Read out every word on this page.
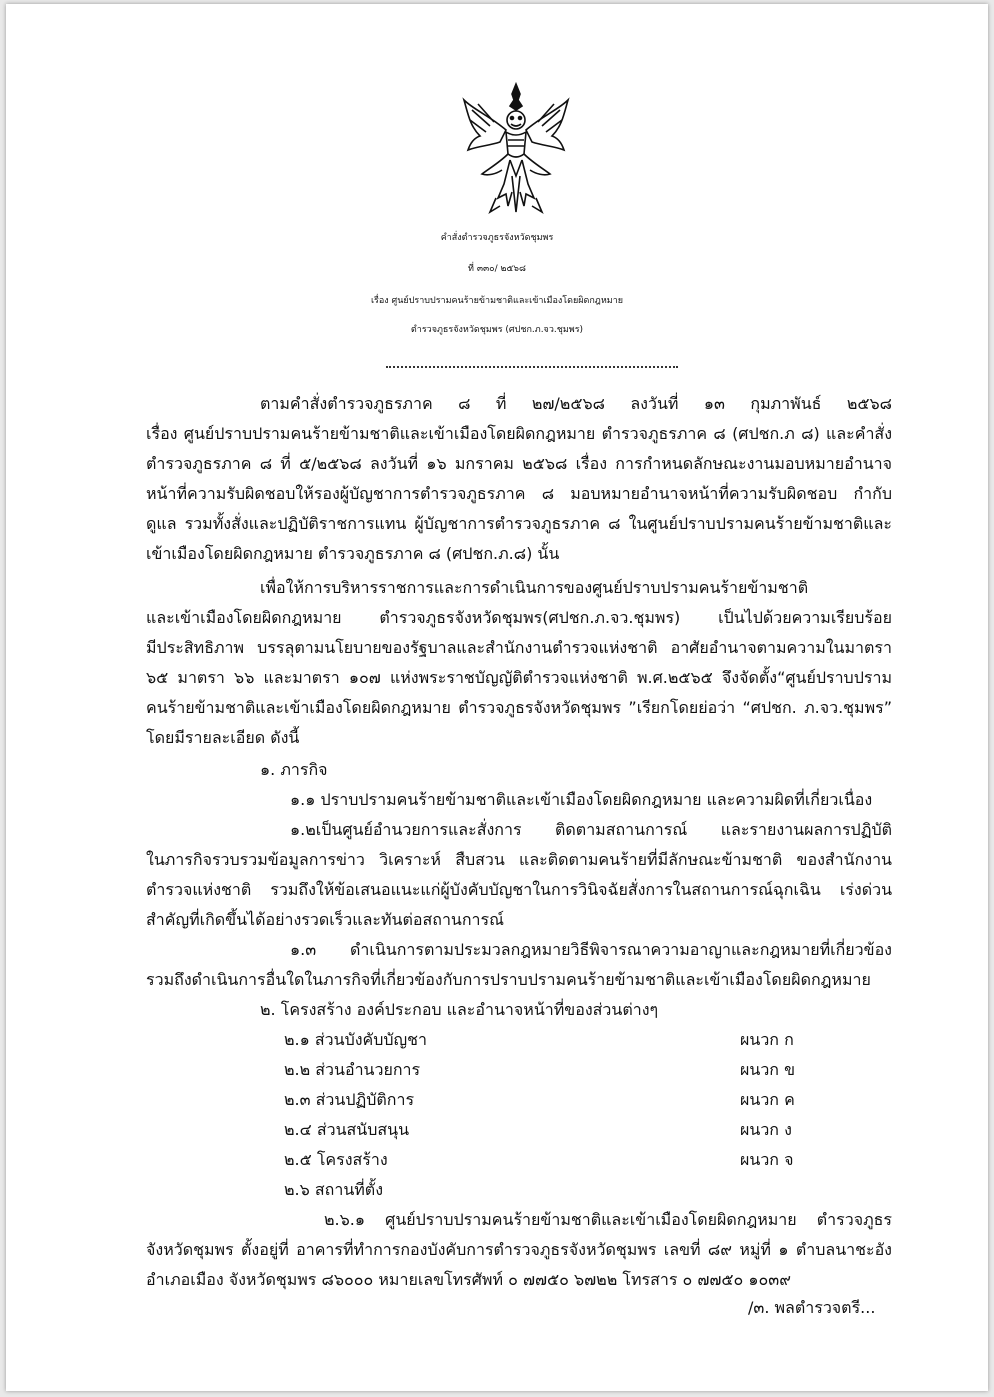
คำสั่งตำรวจภูธรจังหวัดชุมพร
ที่ ๓๓๐/ ๒๕๖๘
เรื่อง ศูนย์ปราบปรามคนร้ายข้ามชาติและเข้าเมืองโดยผิดกฎหมาย
ตำรวจภูธรจังหวัดชุมพร (ศปชก.ภ.จว.ชุมพร)
ตามคำสั่งตำรวจภูธรภาค ๘ ที่ ๒๗/๒๕๖๘ ลงวันที่ ๑๓ กุมภาพันธ์ ๒๕๖๘
เรื่อง ศูนย์ปราบปรามคนร้ายข้ามชาติและเข้าเมืองโดยผิดกฎหมาย ตำรวจภูธรภาค ๘ (ศปชก.ภ ๘) และคำสั่ง
ตำรวจภูธรภาค ๘ ที่ ๕/๒๕๖๘ ลงวันที่ ๑๖ มกราคม ๒๕๖๘ เรื่อง การกำหนดลักษณะงานมอบหมายอำนาจ
หน้าที่ความรับผิดชอบให้รองผู้บัญชาการตำรวจภูธรภาค ๘ มอบหมายอำนาจหน้าที่ความรับผิดชอบ กำกับ
ดูแล รวมทั้งสั่งและปฏิบัติราชการแทน ผู้บัญชาการตำรวจภูธรภาค ๘ ในศูนย์ปราบปรามคนร้ายข้ามชาติและ
เข้าเมืองโดยผิดกฎหมาย ตำรวจภูธรภาค ๘ (ศปชก.ภ.๘) นั้น
เพื่อให้การบริหารราชการและการดำเนินการของศูนย์ปราบปรามคนร้ายข้ามชาติ
และเข้าเมืองโดยผิดกฎหมาย ตำรวจภูธรจังหวัดชุมพร(ศปชก.ภ.จว.ชุมพร) เป็นไปด้วยความเรียบร้อย
มีประสิทธิภาพ บรรลุตามนโยบายของรัฐบาลและสำนักงานตำรวจแห่งชาติ อาศัยอำนาจตามความในมาตรา
๖๕ มาตรา ๖๖ และมาตรา ๑๐๗ แห่งพระราชบัญญัติตำรวจแห่งชาติ พ.ศ.๒๕๖๕ จึงจัดตั้ง“ศูนย์ปราบปราม
คนร้ายข้ามชาติและเข้าเมืองโดยผิดกฎหมาย ตำรวจภูธรจังหวัดชุมพร ”เรียกโดยย่อว่า “ศปชก. ภ.จว.ชุมพร”
โดยมีรายละเอียด ดังนี้
๑. ภารกิจ
๑.๑ ปราบปรามคนร้ายข้ามชาติและเข้าเมืองโดยผิดกฎหมาย และความผิดที่เกี่ยวเนื่อง
๑.๒เป็นศูนย์อำนวยการและสั่งการ ติดตามสถานการณ์ และรายงานผลการปฏิบัติ
ในภารกิจรวบรวมข้อมูลการข่าว วิเคราะห์ สืบสวน และติดตามคนร้ายที่มีลักษณะข้ามชาติ ของสำนักงาน
ตำรวจแห่งชาติ รวมถึงให้ข้อเสนอแนะแก่ผู้บังคับบัญชาในการวินิจฉัยสั่งการในสถานการณ์ฉุกเฉิน เร่งด่วน
สำคัญที่เกิดขึ้นได้อย่างรวดเร็วและทันต่อสถานการณ์
๑.๓ ดำเนินการตามประมวลกฎหมายวิธีพิจารณาความอาญาและกฎหมายที่เกี่ยวข้อง
รวมถึงดำเนินการอื่นใดในภารกิจที่เกี่ยวข้องกับการปราบปรามคนร้ายข้ามชาติและเข้าเมืองโดยผิดกฎหมาย
๒. โครงสร้าง องค์ประกอบ และอำนาจหน้าที่ของส่วนต่างๆ
๒.๑ ส่วนบังคับบัญชา	ผนวก ก
๒.๒ ส่วนอำนวยการ	ผนวก ข
๒.๓ ส่วนปฏิบัติการ	ผนวก ค
๒.๔ ส่วนสนับสนุน	ผนวก ง
๒.๕ โครงสร้าง	ผนวก จ
๒.๖ สถานที่ตั้ง
๒.๖.๑ ศูนย์ปราบปรามคนร้ายข้ามชาติและเข้าเมืองโดยผิดกฎหมาย ตำรวจภูธร
จังหวัดชุมพร ตั้งอยู่ที่ อาคารที่ทำการกองบังคับการตำรวจภูธรจังหวัดชุมพร เลขที่ ๘๙ หมู่ที่ ๑ ตำบลนาชะอัง
อำเภอเมือง จังหวัดชุมพร ๘๖๐๐๐ หมายเลขโทรศัพท์ ๐ ๗๗๕๐ ๖๗๒๒ โทรสาร ๐ ๗๗๕๐ ๑๐๓๙
/๓. พลตำรวจตรี...
